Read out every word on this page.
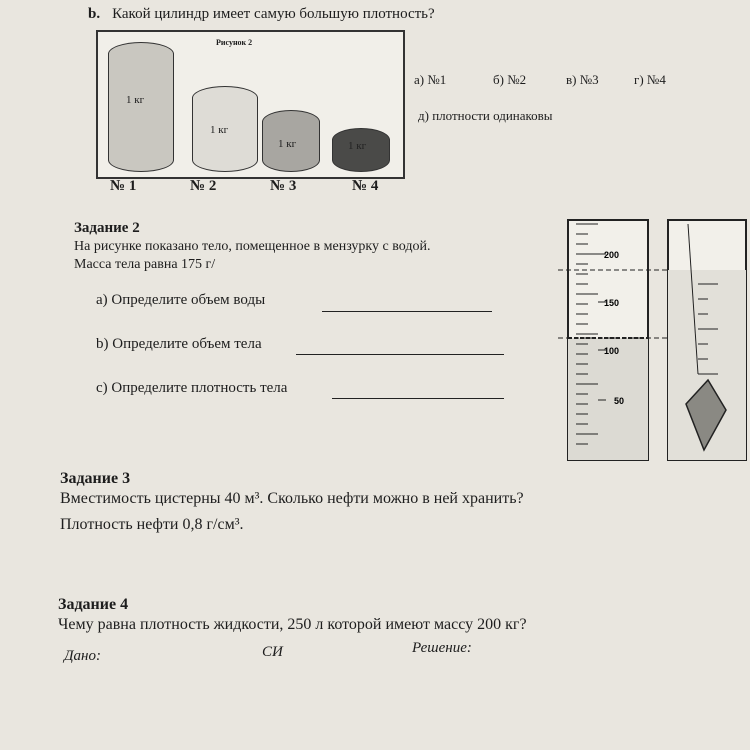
b. Какой цилиндр имеет самую большую плотность?
Рисунок 2
1 кг
1 кг
1 кг	1 кг
№ 1	№ 2	№ 3	№ 4
а) №1	б) №2	в) №3	г) №4
д) плотности одинаковы
Задание 2
На рисунке показано тело, помещенное в мензурку с водой.
Масса тела равна 175 г/
a) Определите объем воды
b) Определите объем тела
c) Определите плотность тела
200
150
100
50
Задание 3
Вместимость цистерны 40 м³. Сколько нефти можно в ней хранить?
Плотность нефти 0,8 г/см³.
Задание 4
Чему равна плотность жидкости, 250 л которой имеют массу 200 кг?
Дано:	СИ	Решение:
